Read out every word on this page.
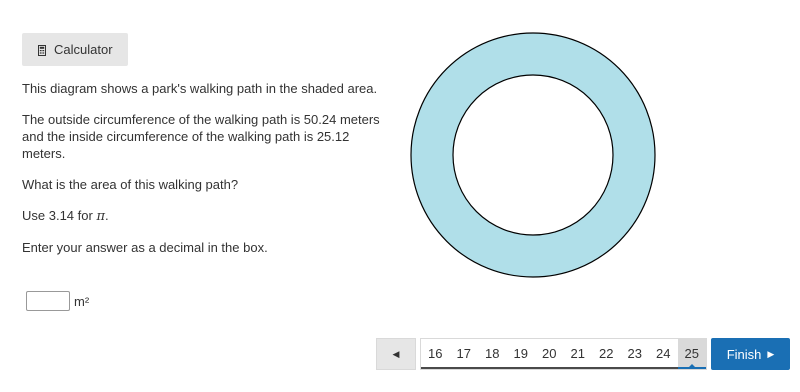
Calculator

This diagram shows a park's walking path in the shaded area.

The outside circumference of the walking path is 50.24 meters and the inside circumference of the walking path is 25.12 meters.

What is the area of this walking path?

Use 3.14 for π.

Enter your answer as a decimal in the box.

m²
◀	16	17	18	19	20	21	22	23	24	25	Finish ▶
